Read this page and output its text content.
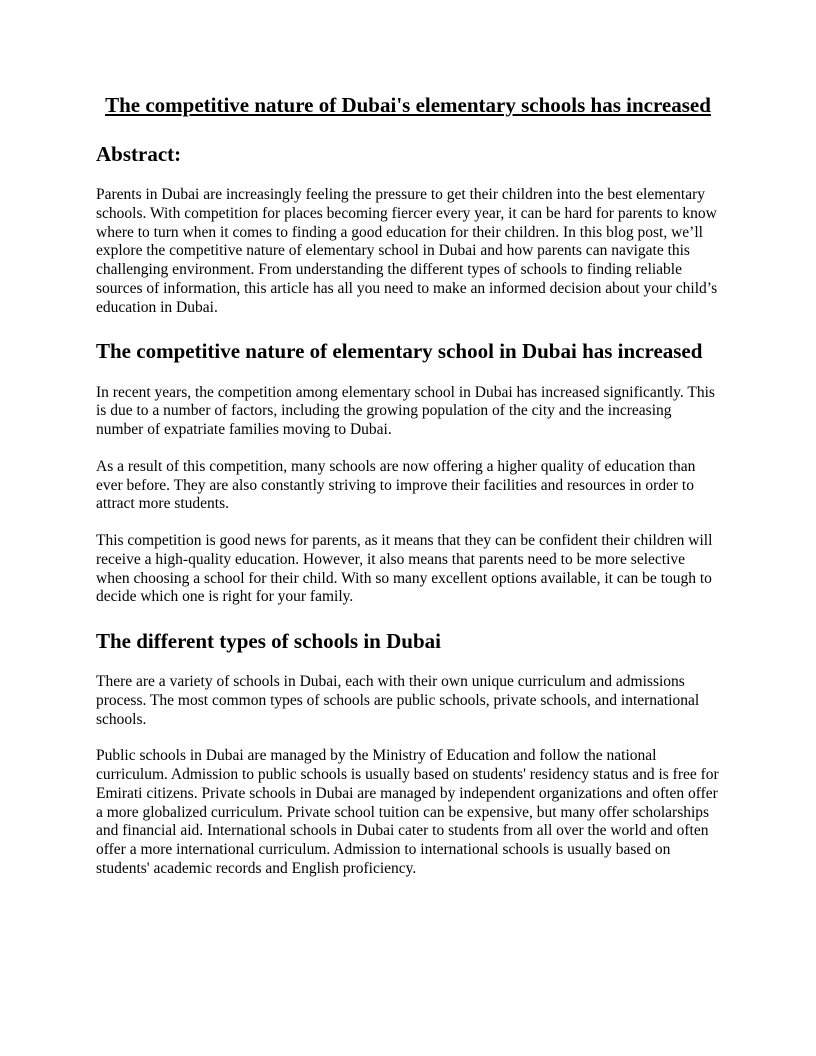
The competitive nature of Dubai's elementary schools has increased
Abstract:

Parents in Dubai are increasingly feeling the pressure to get their children into the best elementary schools. With competition for places becoming fiercer every year, it can be hard for parents to know where to turn when it comes to finding a good education for their children. In this blog post, we’ll explore the competitive nature of elementary school in Dubai and how parents can navigate this challenging environment. From understanding the different types of schools to finding reliable sources of information, this article has all you need to make an informed decision about your child’s education in Dubai.

The competitive nature of elementary school in Dubai has increased

In recent years, the competition among elementary school in Dubai has increased significantly. This is due to a number of factors, including the growing population of the city and the increasing number of expatriate families moving to Dubai.

As a result of this competition, many schools are now offering a higher quality of education than ever before. They are also constantly striving to improve their facilities and resources in order to attract more students.

This competition is good news for parents, as it means that they can be confident their children will receive a high-quality education. However, it also means that parents need to be more selective when choosing a school for their child. With so many excellent options available, it can be tough to decide which one is right for your family.

The different types of schools in Dubai

There are a variety of schools in Dubai, each with their own unique curriculum and admissions process. The most common types of schools are public schools, private schools, and international schools.

Public schools in Dubai are managed by the Ministry of Education and follow the national curriculum. Admission to public schools is usually based on students' residency status and is free for Emirati citizens. Private schools in Dubai are managed by independent organizations and often offer a more globalized curriculum. Private school tuition can be expensive, but many offer scholarships and financial aid. International schools in Dubai cater to students from all over the world and often offer a more international curriculum. Admission to international schools is usually based on students' academic records and English proficiency.
